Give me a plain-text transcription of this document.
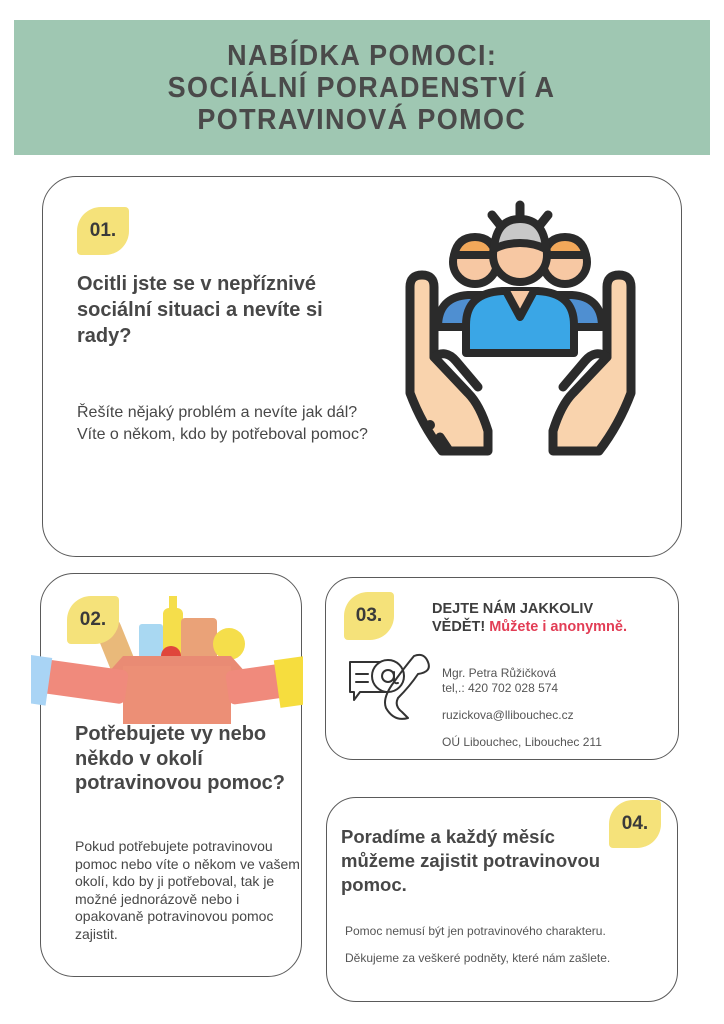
NABÍDKA POMOCI:
SOCIÁLNÍ PORADENSTVÍ A
POTRAVINOVÁ POMOC
01.
Ocitli jste se v nepříznivé sociální situaci a nevíte si rady?
Řešíte nějaký problém a nevíte jak dál?
Víte o někom, kdo by potřeboval pomoc?
02.
Potřebujete vy nebo někdo v okolí potravinovou pomoc?
Pokud potřebujete potravinovou pomoc nebo víte o někom ve vašem okolí, kdo by ji potřeboval, tak je možné jednorázově nebo i opakovaně potravinovou pomoc zajistit.
03.	DEJTE NÁM JAKKOLIV
VĚDĚT! Můžete i anonymně.
Mgr. Petra Růžičková
tel,.: 420 702 028 574
ruzickova@llibouchec.cz
OÚ Libouchec, Libouchec 211
04.
Poradíme a každý měsíc můžeme zajistit potravinovou pomoc.

Pomoc nemusí být jen potravinového charakteru.

Děkujeme za veškeré podněty, které nám zašlete.
